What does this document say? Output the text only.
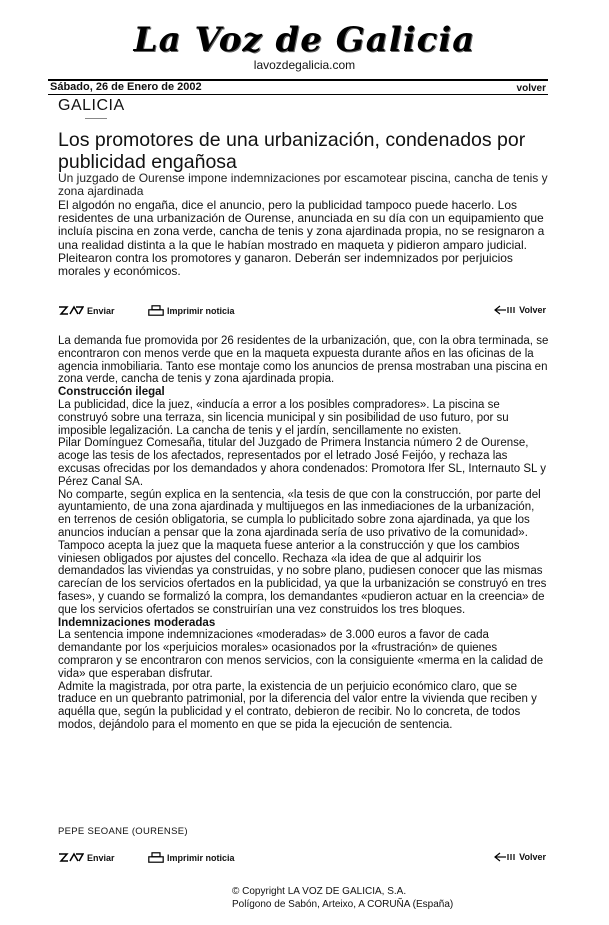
La Voz de Galicia
lavozdegalicia.com
Sábado, 26 de Enero de 2002	volver
GALICIA
Los promotores de una urbanización, condenados por publicidad engañosa
Un juzgado de Ourense impone indemnizaciones por escamotear piscina, cancha de tenis y zona ajardinada
El algodón no engaña, dice el anuncio, pero la publicidad tampoco puede hacerlo. Los residentes de una urbanización de Ourense, anunciada en su día con un equipamiento que incluía piscina en zona verde, cancha de tenis y zona ajardinada propia, no se resignaron a una realidad distinta a la que le habían mostrado en maqueta y pidieron amparo judicial. Pleitearon contra los promotores y ganaron. Deberán ser indemnizados por perjuicios morales y económicos.
Enviar	Imprimir noticia	Volver

La demanda fue promovida por 26 residentes de la urbanización, que, con la obra terminada, se encontraron con menos verde que en la maqueta expuesta durante años en las oficinas de la agencia inmobiliaria. Tanto ese montaje como los anuncios de prensa mostraban una piscina en zona verde, cancha de tenis y zona ajardinada propia.

Construcción ilegal

La publicidad, dice la juez, «inducía a error a los posibles compradores». La piscina se construyó sobre una terraza, sin licencia municipal y sin posibilidad de uso futuro, por su imposible legalización. La cancha de tenis y el jardín, sencillamente no existen.

Pilar Domínguez Comesaña, titular del Juzgado de Primera Instancia número 2 de Ourense, acoge las tesis de los afectados, representados por el letrado José Feijóo, y rechaza las excusas ofrecidas por los demandados y ahora condenados: Promotora Ifer SL, Internauto SL y Pérez Canal SA.

No comparte, según explica en la sentencia, «la tesis de que con la construcción, por parte del ayuntamiento, de una zona ajardinada y multijuegos en las inmediaciones de la urbanización, en terrenos de cesión obligatoria, se cumpla lo publicitado sobre zona ajardinada, ya que los anuncios inducían a pensar que la zona ajardinada sería de uso privativo de la comunidad».

Tampoco acepta la juez que la maqueta fuese anterior a la construcción y que los cambios viniesen obligados por ajustes del concello. Rechaza «la idea de que al adquirir los demandados las viviendas ya construidas, y no sobre plano, pudiesen conocer que las mismas carecían de los servicios ofertados en la publicidad, ya que la urbanización se construyó en tres fases», y cuando se formalizó la compra, los demandantes «pudieron actuar en la creencia» de que los servicios ofertados se construirían una vez construidos los tres bloques.

Indemnizaciones moderadas

La sentencia impone indemnizaciones «moderadas» de 3.000 euros a favor de cada demandante por los «perjuicios morales» ocasionados por la «frustración» de quienes compraron y se encontraron con menos servicios, con la consiguiente «merma en la calidad de vida» que esperaban disfrutar.

Admite la magistrada, por otra parte, la existencia de un perjuicio económico claro, que se traduce en un quebranto patrimonial, por la diferencia del valor entre la vivienda que reciben y aquélla que, según la publicidad y el contrato, debieron de recibir. No lo concreta, de todos modos, dejándolo para el momento en que se pida la ejecución de sentencia.

PEPE SEOANE (OURENSE)
Enviar	Imprimir noticia	Volver
© Copyright LA VOZ DE GALICIA, S.A.
Polígono de Sabón, Arteixo, A CORUÑA (España)
